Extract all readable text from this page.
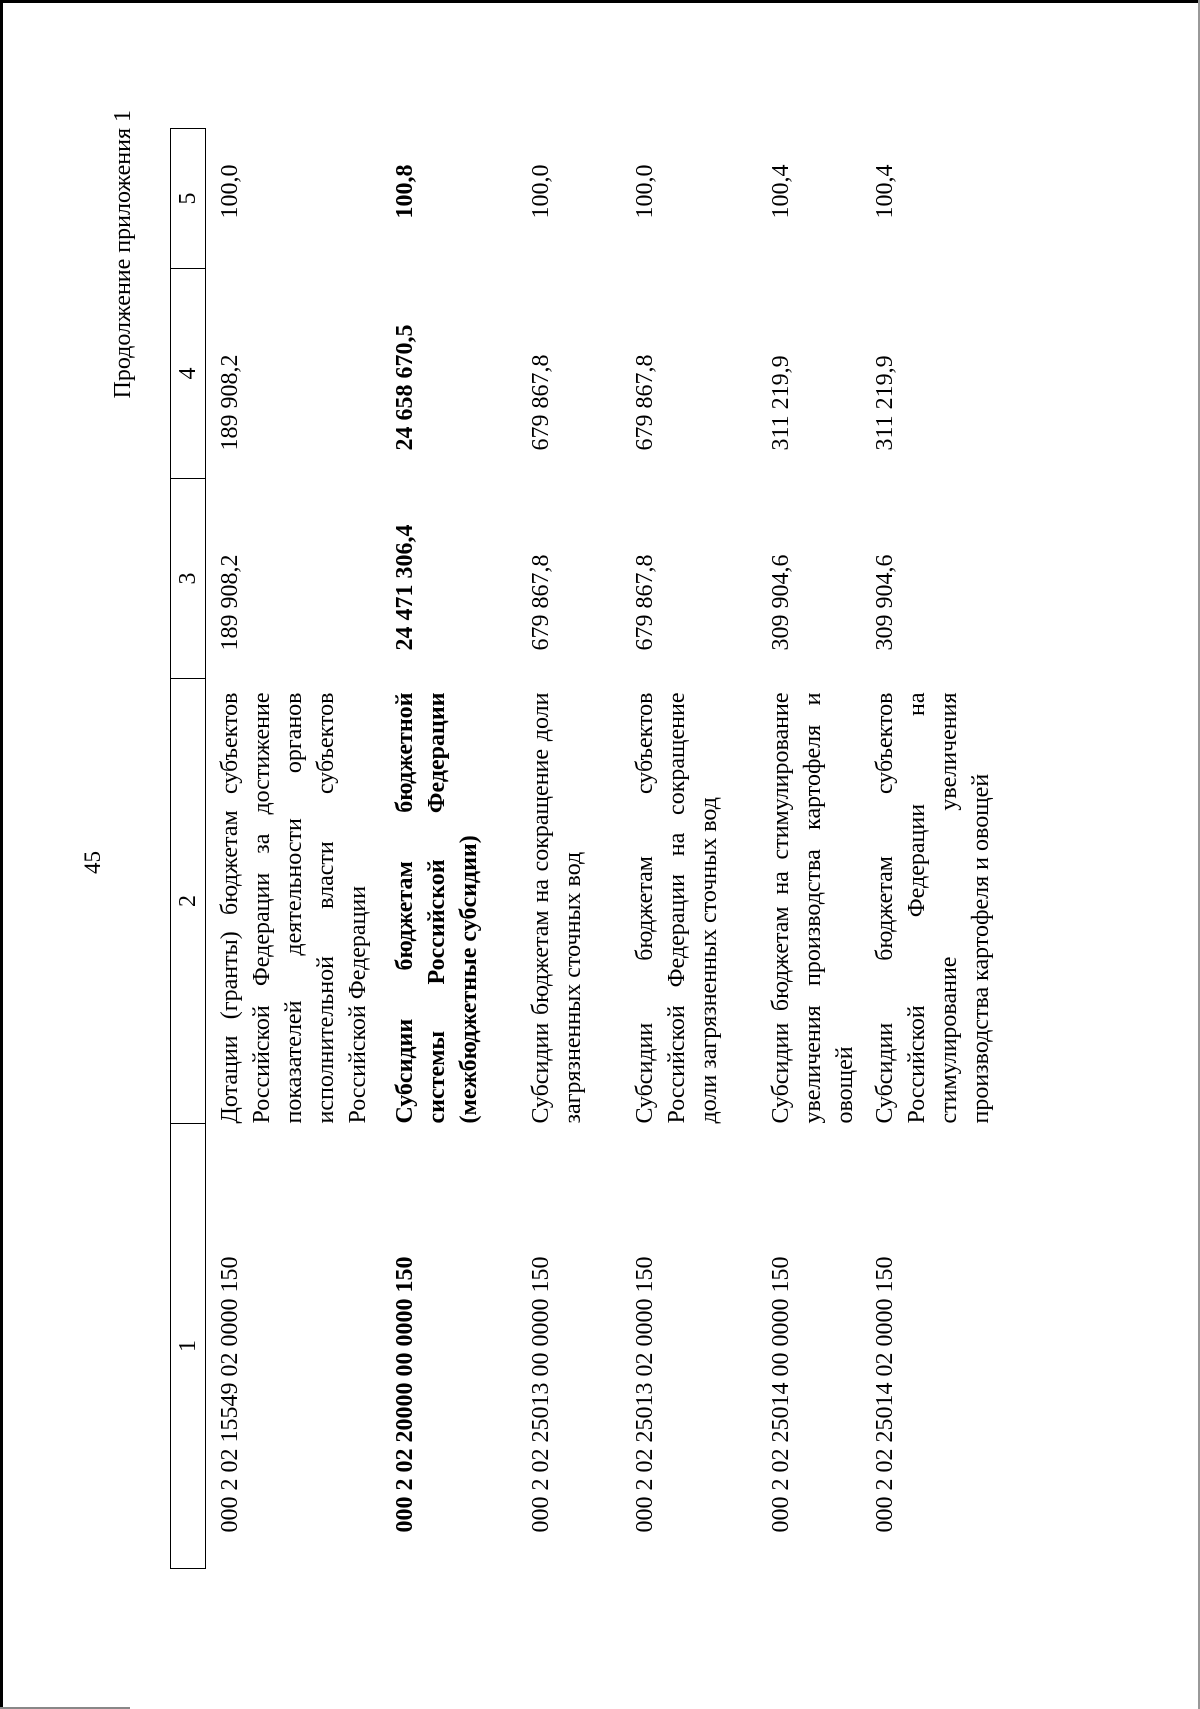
45
Продолжение приложения 1
1	2	3	4	5
000 2 02 15549 02 0000 150	Дотации (гранты) бюджетам субъектов Российской Федерации за достижение показателей деятельности органов исполнительной власти субъектов Российской Федерации	189 908,2	189 908,2	100,0
000 2 02 20000 00 0000 150	Субсидии бюджетам бюджетной системы Российской Федерации (межбюджетные субсидии)	24 471 306,4	24 658 670,5	100,8
000 2 02 25013 00 0000 150	Субсидии бюджетам на сокращение доли загрязненных сточных вод	679 867,8	679 867,8	100,0
000 2 02 25013 02 0000 150	Субсидии бюджетам субъектов Российской Федерации на сокращение доли загрязненных сточных вод	679 867,8	679 867,8	100,0
000 2 02 25014 00 0000 150	Субсидии бюджетам на стимулирование увеличения производства картофеля и овощей	309 904,6	311 219,9	100,4
000 2 02 25014 02 0000 150	Субсидии бюджетам субъектов Российской Федерации на стимулирование увеличения производства картофеля и овощей	309 904,6	311 219,9	100,4
